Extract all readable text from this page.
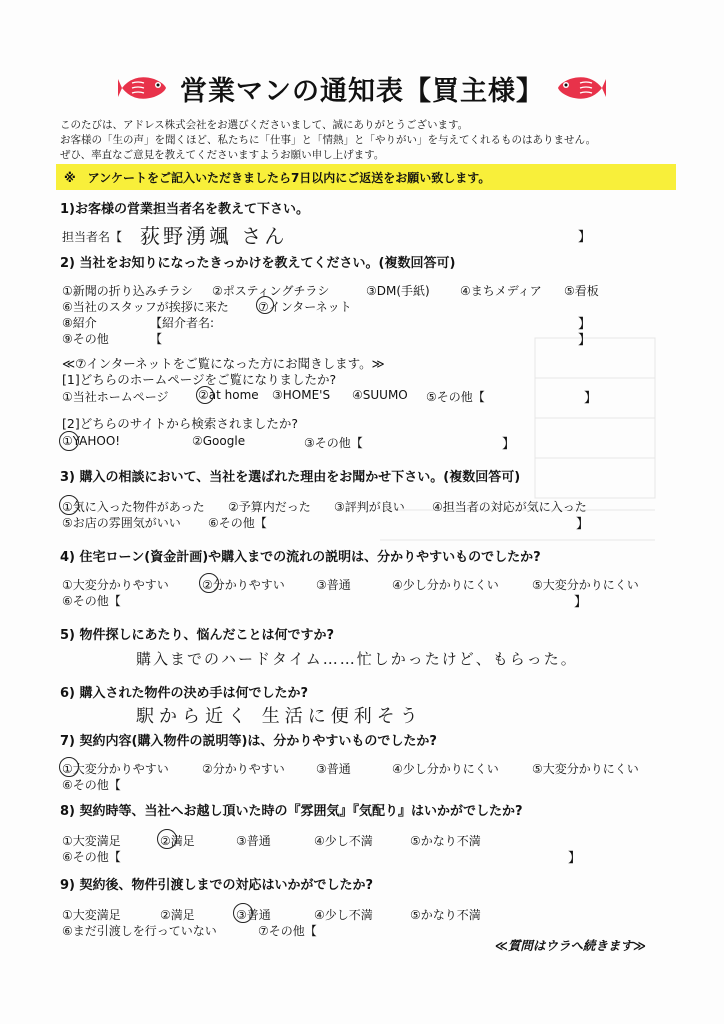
営業マンの通知表【買主様】
このたびは、アドレス株式会社をお選びくださいまして、誠にありがとうございます。
お客様の「生の声」を聞くほど、私たちに「仕事」と「情熱」と「やりがい」を与えてくれるものはありません。
ぜひ、率直なご意見を教えてくださいますようお願い申し上げます。
※　アンケートをご記入いただきましたら7日以内にご返送をお願い致します。
1)お客様の営業担当者名を教えて下さい。
担当者名【 荻野湧颯 さん	】
2) 当社をお知りになったきっかけを教えてください。(複数回答可)
①新聞の折り込みチラシ ②ポスティングチラシ	③DM(手紙)	④まちメディア ⑤看板
⑥当社のスタッフが挨拶に来た ⑦インターネット
⑧紹介	【紹介者名:	】
⑨その他	【	】
≪⑦インターネットをご覧になった方にお聞きします。≫
[1]どちらのホームページをご覧になりましたか?
①当社ホームページ ②at home ③HOME'S ④SUUMO ⑤その他【	】
[2]どちらのサイトから検索されましたか?
①YAHOO!	②Google	③その他【	】
3) 購入の相談において、当社を選ばれた理由をお聞かせ下さい。(複数回答可)
①気に入った物件があった ②予算内だった ③評判が良い ④担当者の対応が気に入った
⑤お店の雰囲気がいい ⑥その他【	】
4) 住宅ローン(資金計画)や購入までの流れの説明は、分かりやすいものでしたか?
①大変分かりやすい	②分かりやすい	③普通	④少し分かりにくい	⑤大変分かりにくい
⑥その他【	】
5) 物件探しにあたり、悩んだことは何ですか?
購入までのハードタイム……忙しかったけど、もらった。
6) 購入された物件の決め手は何でしたか?
駅から近く 生活に便利そう
7) 契約内容(購入物件の説明等)は、分かりやすいものでしたか?
①大変分かりやすい	②分かりやすい	③普通	④少し分かりにくい	⑤大変分かりにくい
⑥その他【
8) 契約時等、当社へお越し頂いた時の『雰囲気』『気配り』はいかがでしたか?
①大変満足	②満足	③普通	④少し不満	⑤かなり不満
⑥その他【	】
9) 契約後、物件引渡しまでの対応はいかがでしたか?
①大変満足	②満足	③普通	④少し不満	⑤かなり不満
⑥まだ引渡しを行っていない	⑦その他【
≪質問はウラへ続きます≫
